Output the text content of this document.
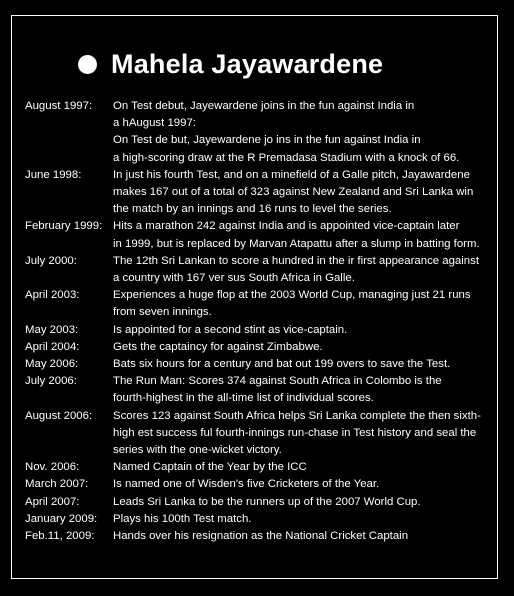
Mahela Jayawardene
August 1997:	On Test debut, Jayewardene joins in the fun against India in
a hAugust 1997:
On Test de but, Jayewardene jo ins in the fun against India in
a high-scoring draw at the R Premadasa Stadium with a knock of 66.
June 1998:	In just his fourth Test, and on a minefield of a Galle pitch, Jayawardene
makes 167 out of a total of 323 against New Zealand and Sri Lanka win
the match by an innings and 16 runs to level the series.
February 1999: Hits a marathon 242 against India and is appointed vice-captain later
in 1999, but is replaced by Marvan Atapattu after a slump in batting form.
July 2000:	The 12th Sri Lankan to score a hundred in the ir first appearance against
a country with 167 ver sus South Africa in Galle.
April 2003:	Experiences a huge flop at the 2003 World Cup, managing just 21 runs
from seven innings.
May 2003:	Is appointed for a second stint as vice-captain.
April 2004:	Gets the captaincy for against Zimbabwe.
May 2006:	Bats six hours for a century and bat out 199 overs to save the Test.
July 2006:	The Run Man: Scores 374 against South Africa in Colombo is the
fourth-highest in the all-time list of individual scores.
August 2006:	Scores 123 against South Africa helps Sri Lanka complete the then sixth-
high est success ful fourth-innings run-chase in Test history and seal the
series with the one-wicket victory.
Nov. 2006:	Named Captain of the Year by the ICC
March 2007:	Is named one of Wisden's five Cricketers of the Year.
April 2007:	Leads Sri Lanka to be the runners up of the 2007 World Cup.
January 2009:	Plays his 100th Test match.
Feb.11, 2009:	Hands over his resignation as the National Cricket Captain
